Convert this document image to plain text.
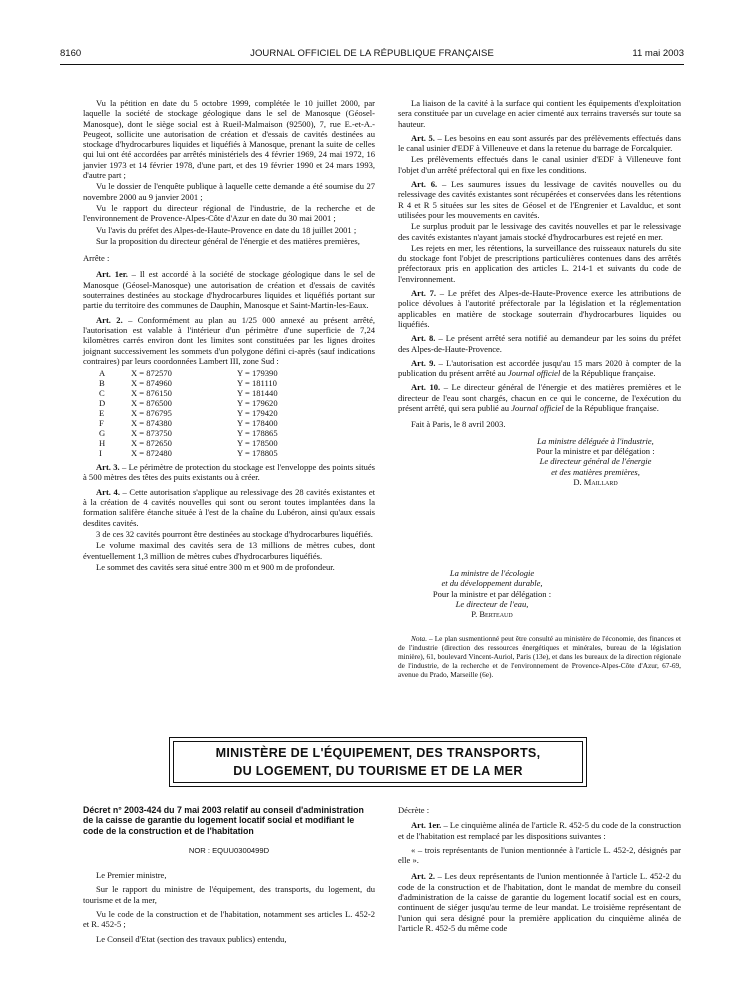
8160	JOURNAL OFFICIEL DE LA RÉPUBLIQUE FRANÇAISE	11 mai 2003

Vu la pétition en date du 5 octobre 1999, complétée le 10 juillet 2000, par laquelle la société de stockage géologique dans le sel de Manosque (Géosel-Manosque), dont le siège social est à Rueil-Malmaison (92500), 7, rue E.-et-A.-Peugeot, sollicite une autorisation de création et d'essais de cavités destinées au stockage d'hydrocarbures liquides et liquéfiés à Manosque, prenant la suite de celles qui lui ont été accordées par arrêtés ministériels des 4 février 1969, 24 mai 1972, 16 janvier 1973 et 14 février 1978, d'une part, et des 19 février 1990 et 24 mars 1993, d'autre part ;

Vu le dossier de l'enquête publique à laquelle cette demande a été soumise du 27 novembre 2000 au 9 janvier 2001 ;

Vu le rapport du directeur régional de l'industrie, de la recherche et de l'environnement de Provence-Alpes-Côte d'Azur en date du 30 mai 2001 ;

Vu l'avis du préfet des Alpes-de-Haute-Provence en date du 18 juillet 2001 ;

Sur la proposition du directeur général de l'énergie et des matières premières,

Arrête :

Art. 1er. – Il est accordé à la société de stockage géologique dans le sel de Manosque (Géosel-Manosque) une autorisation de création et d'essais de cavités souterraines destinées au stockage d'hydrocarbures liquides et liquéfiés portant sur partie du territoire des communes de Dauphin, Manosque et Saint-Martin-les-Eaux.

Art. 2. – Conformément au plan au 1/25 000 annexé au présent arrêté, l'autorisation est valable à l'intérieur d'un périmètre d'une superficie de 7,24 kilomètres carrés environ dont les limites sont constituées par les lignes droites joignant successivement les sommets d'un polygone défini ci-après (sauf indications contraires) par leurs coordonnées Lambert III, zone Sud :

A	X = 872570	Y = 179390
B	X = 874960	Y = 181110
C	X = 876150	Y = 181440
D	X = 876500	Y = 179620
E	X = 876795	Y = 179420
F	X = 874380	Y = 178400
G	X = 873750	Y = 178865
H	X = 872650	Y = 178500
I	X = 872480	Y = 178805

Art. 3. – Le périmètre de protection du stockage est l'enveloppe des points situés à 500 mètres des têtes des puits existants ou à créer.

Art. 4. – Cette autorisation s'applique au relessivage des 28 cavités existantes et à la création de 4 cavités nouvelles qui sont ou seront toutes implantées dans la formation salifère étanche située à l'est de la chaîne du Lubéron, ainsi qu'aux essais desdites cavités.

3 de ces 32 cavités pourront être destinées au stockage d'hydrocarbures liquéfiés.

Le volume maximal des cavités sera de 13 millions de mètres cubes, dont éventuellement 1,3 million de mètres cubes d'hydrocarbures liquéfiés.

Le sommet des cavités sera situé entre 300 m et 900 m de profondeur.

La liaison de la cavité à la surface qui contient les équipements d'exploitation sera constituée par un cuvelage en acier cimenté aux terrains traversés sur toute sa hauteur.

Art. 5. – Les besoins en eau sont assurés par des prélèvements effectués dans le canal usinier d'EDF à Villeneuve et dans la retenue du barrage de Forcalquier.

Les prélèvements effectués dans le canal usinier d'EDF à Villeneuve font l'objet d'un arrêté préfectoral qui en fixe les conditions.

Art. 6. – Les saumures issues du lessivage de cavités nouvelles ou du relessivage des cavités existantes sont récupérées et conservées dans les rétentions R 4 et R 5 situées sur les sites de Géosel et de l'Engrenier et Lavalduc, et sont utilisées pour les mouvements en cavités.

Le surplus produit par le lessivage des cavités nouvelles et par le relessivage des cavités existantes n'ayant jamais stocké d'hydrocarbures est rejeté en mer.

Les rejets en mer, les rétentions, la surveillance des ruisseaux naturels du site du stockage font l'objet de prescriptions particulières contenues dans des arrêtés préfectoraux pris en application des articles L. 214-1 et suivants du code de l'environnement.

Art. 7. – Le préfet des Alpes-de-Haute-Provence exerce les attributions de police dévolues à l'autorité préfectorale par la législation et la réglementation applicables en matière de stockage souterrain d'hydrocarbures liquides ou liquéfiés.

Art. 8. – Le présent arrêté sera notifié au demandeur par les soins du préfet des Alpes-de-Haute-Provence.

Art. 9. – L'autorisation est accordée jusqu'au 15 mars 2020 à compter de la publication du présent arrêté au Journal officiel de la République française.

Art. 10. – Le directeur général de l'énergie et des matières premières et le directeur de l'eau sont chargés, chacun en ce qui le concerne, de l'exécution du présent arrêté, qui sera publié au Journal officiel de la République française.

Fait à Paris, le 8 avril 2003.

La ministre déléguée à l'industrie,
Pour la ministre et par délégation :
Le directeur général de l'énergie
et des matières premières,
D. Maillard
La ministre de l'écologie
et du développement durable,
Pour la ministre et par délégation :
Le directeur de l'eau,
P. Berteaud

Nota. – Le plan susmentionné peut être consulté au ministère de l'économie, des finances et de l'industrie (direction des ressources énergétiques et minérales, bureau de la législation minière), 61, boulevard Vincent-Auriol, Paris (13e), et dans les bureaux de la direction régionale de l'industrie, de la recherche et de l'environnement de Provence-Alpes-Côte d'Azur, 67-69, avenue du Prado, Marseille (6e).

MINISTÈRE DE L'ÉQUIPEMENT, DES TRANSPORTS,
DU LOGEMENT, DU TOURISME ET DE LA MER

Décret n° 2003-424 du 7 mai 2003 relatif au conseil d'administration de la caisse de garantie du logement locatif social et modifiant le code de la construction et de l'habitation

NOR : EQUU0300499D

Le Premier ministre,

Sur le rapport du ministre de l'équipement, des transports, du logement, du tourisme et de la mer,

Vu le code de la construction et de l'habitation, notamment ses articles L. 452-2 et R. 452-5 ;

Le Conseil d'Etat (section des travaux publics) entendu,

Décrète :

Art. 1er. – Le cinquième alinéa de l'article R. 452-5 du code de la construction et de l'habitation est remplacé par les dispositions suivantes :

« – trois représentants de l'union mentionnée à l'article L. 452-2, désignés par elle ».

Art. 2. – Les deux représentants de l'union mentionnée à l'article L. 452-2 du code de la construction et de l'habitation, dont le mandat de membre du conseil d'administration de la caisse de garantie du logement locatif social est en cours, continuent de siéger jusqu'au terme de leur mandat. Le troisième représentant de l'union qui sera désigné pour la première application du cinquième alinéa de l'article R. 452-5 du même code
